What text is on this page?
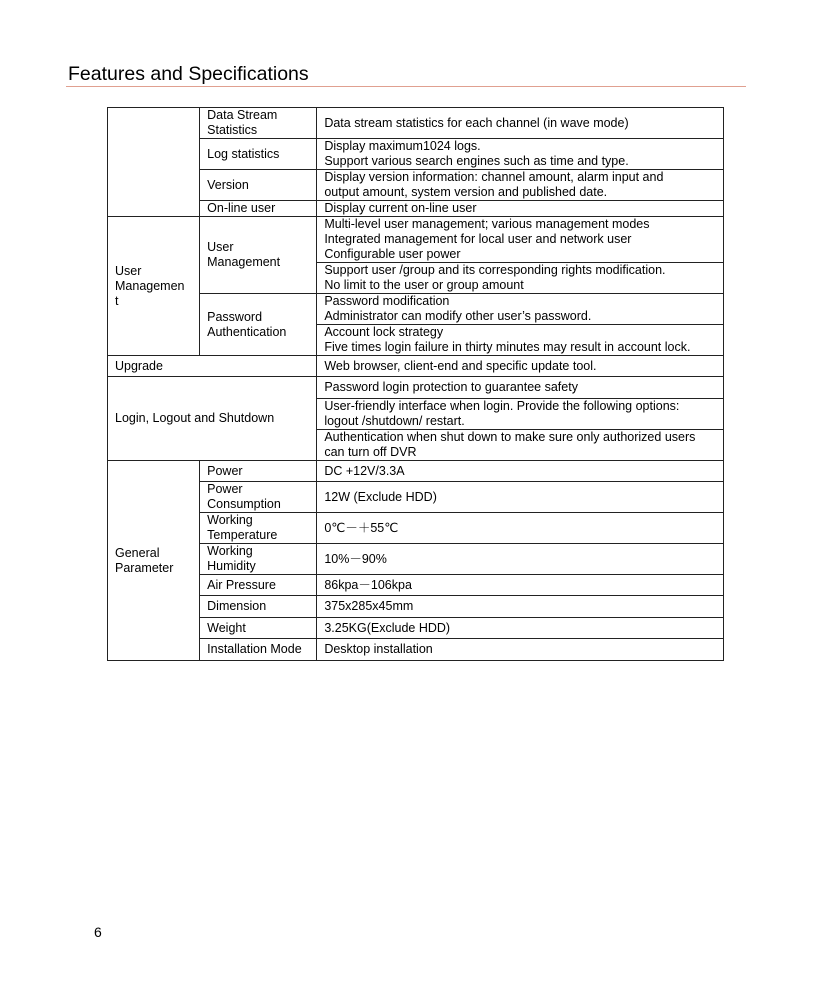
Features and Specifications

	Data Stream
Statistics	Data stream statistics for each channel (in wave mode)

	Log statistics	Display maximum1024 logs.
Support various search engines such as time and type.

	Version	Display version information: channel amount, alarm input and
output amount, system version and published date.

	On-line user	Display current on-line user

User
Managemen
t	User
Management	Multi-level user management; various management modes
Integrated management for local user and network user
Configurable user power

		Support user /group and its corresponding rights modification.
No limit to the user or group amount

	Password
Authentication	Password modification
Administrator can modify other user’s password.

		Account lock strategy
Five times login failure in thirty minutes may result in account lock.

Upgrade		Web browser, client-end and specific update tool.

Login, Logout and Shutdown		Password login protection to guarantee safety

		User-friendly interface when login. Provide the following options:
logout /shutdown/ restart.

		Authentication when shut down to make sure only authorized users
can turn off DVR

General
Parameter	Power	DC +12V/3.3A

	Power
Consumption	12W (Exclude HDD)

	Working
Temperature	0℃－＋55℃

	Working
Humidity	10%－90%

	Air Pressure	86kpa－106kpa

	Dimension	375x285x45mm

	Weight	3.25KG(Exclude HDD)

	Installation Mode	Desktop installation
6
